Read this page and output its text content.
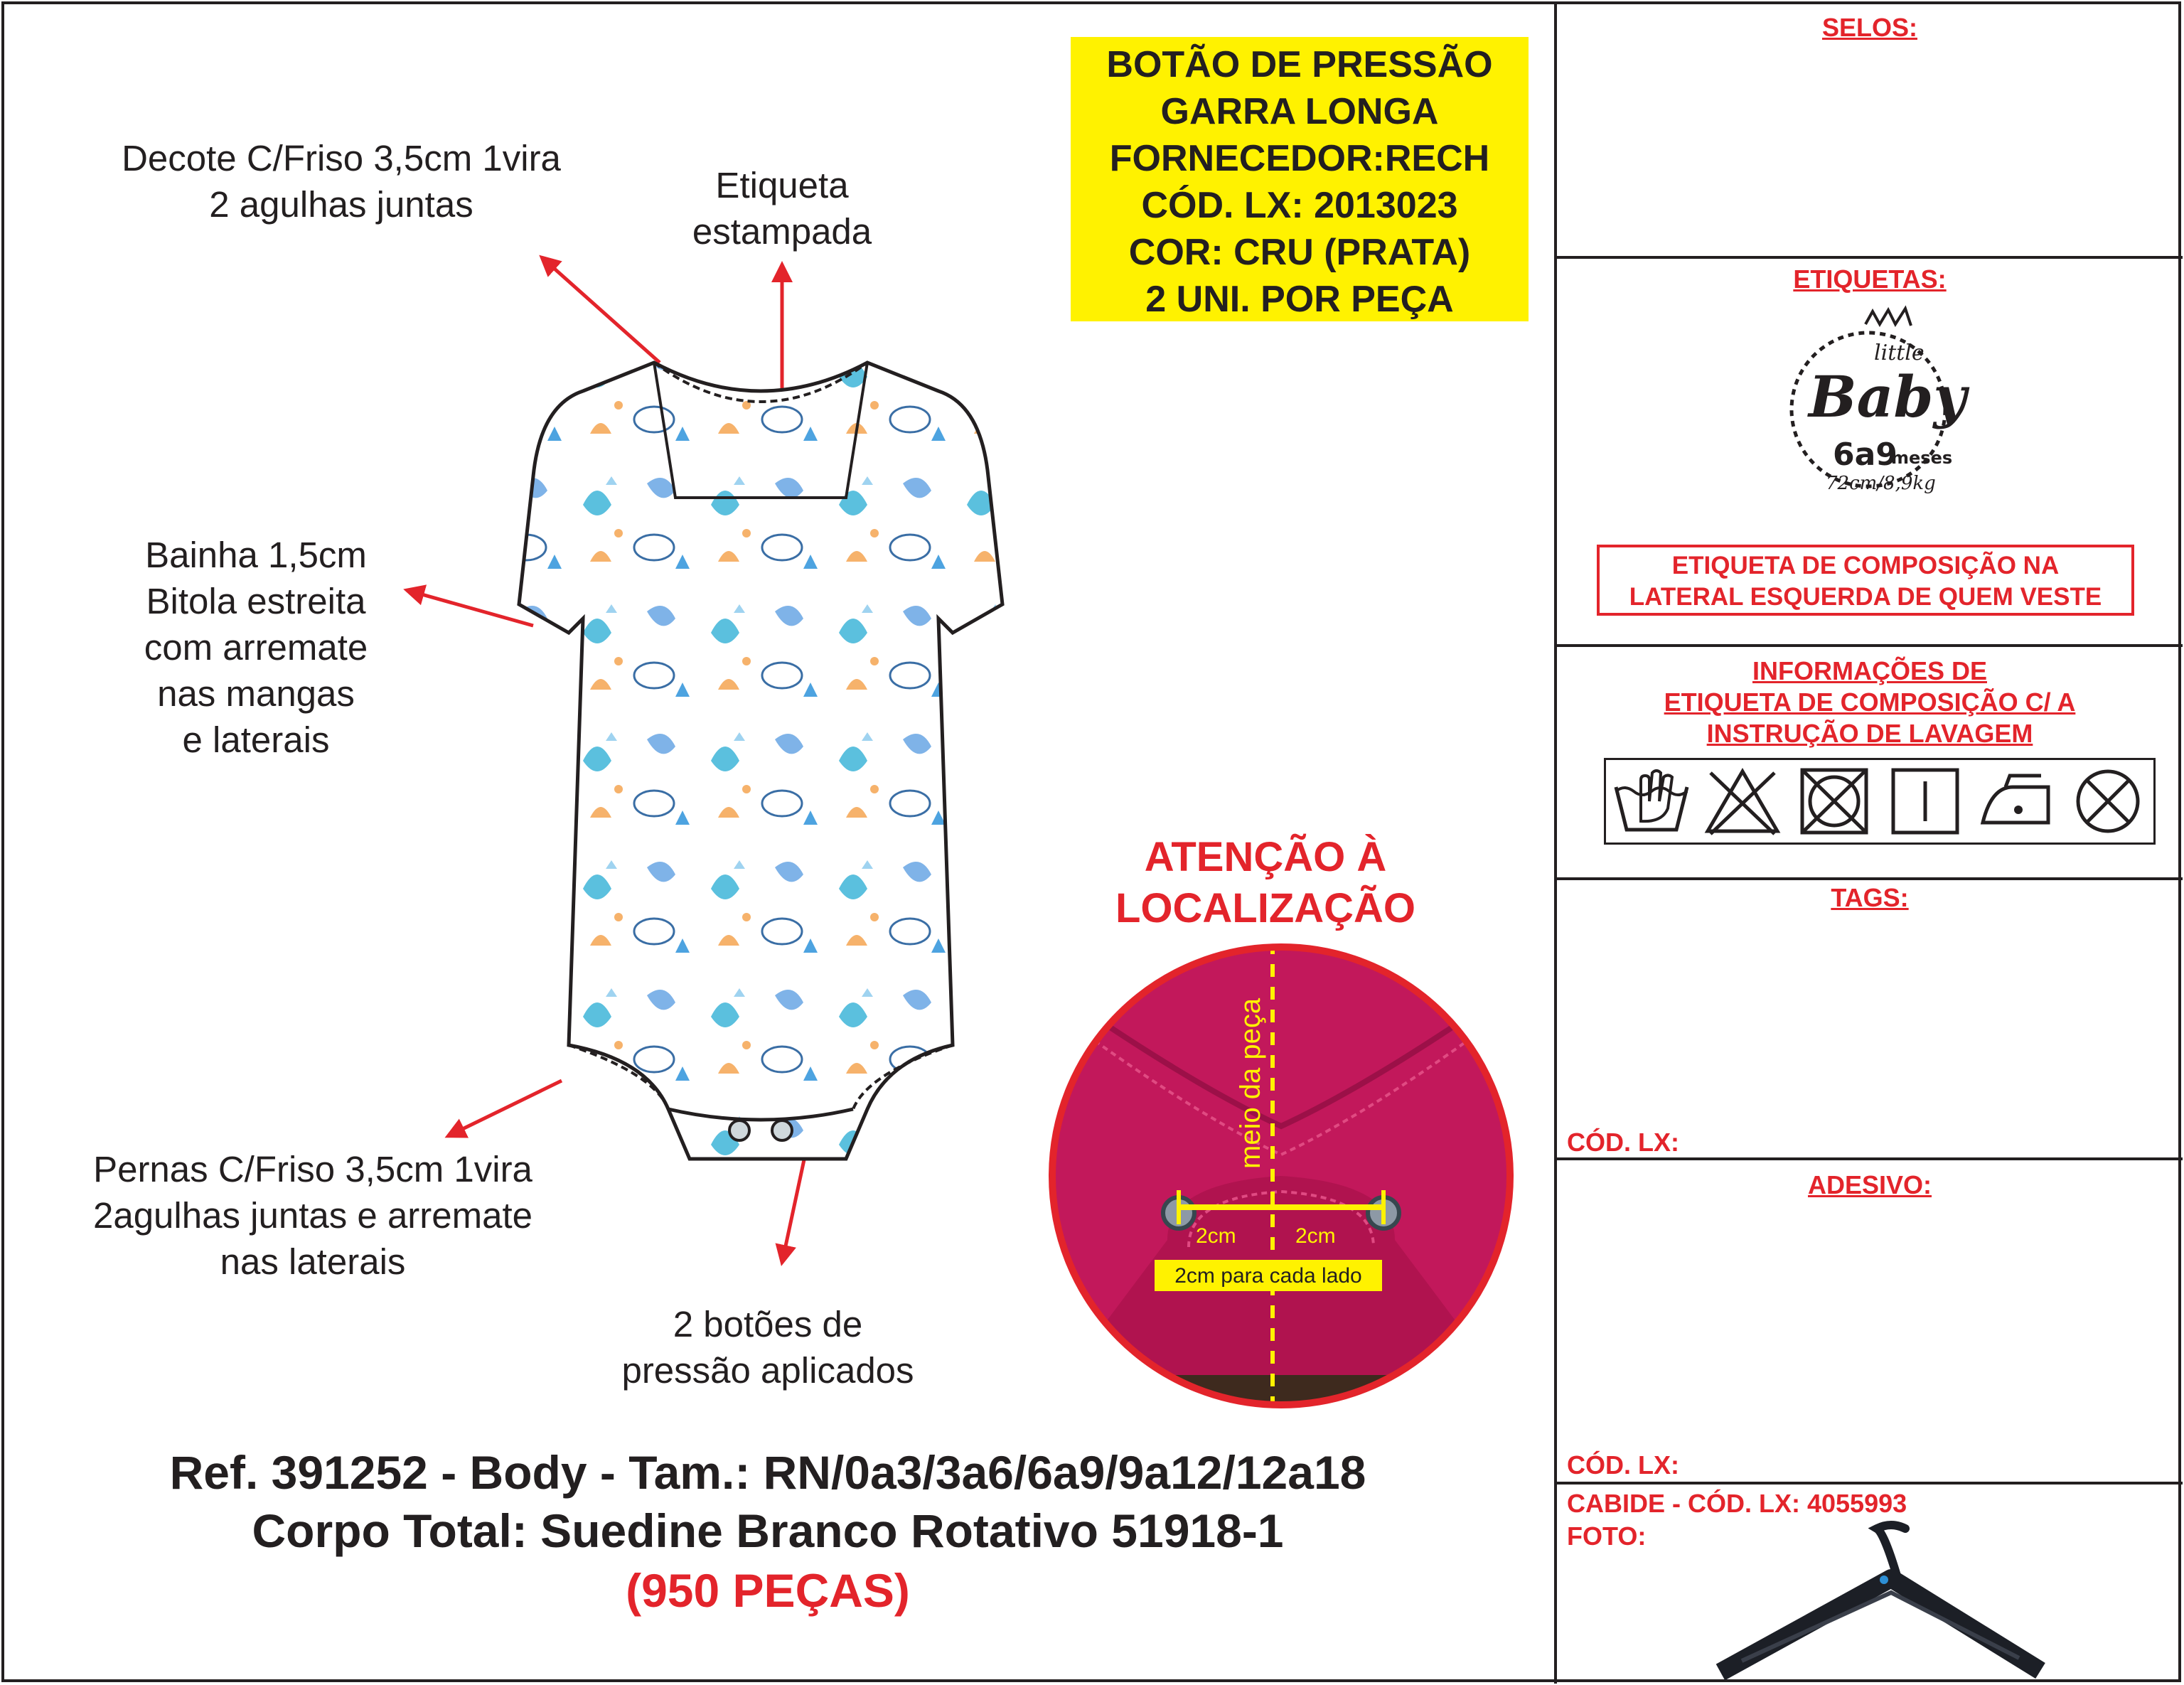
Decote C/Friso 3,5cm 1vira
2 agulhas juntas	Etiqueta
estampada
Bainha 1,5cm
Bitola estreita
com arremate
nas mangas
e laterais
Pernas C/Friso 3,5cm 1vira
2agulhas juntas e arremate
nas laterais
2 botões de
pressão aplicados
BOTÃO DE PRESSÃO
GARRA LONGA
FORNECEDOR:RECH
CÓD. LX: 2013023
COR: CRU (PRATA)
2 UNI. POR PEÇA
ATENÇÃO À
LOCALIZAÇÃO
meio da peça
2cm	2cm
2cm para cada lado
Ref. 391252 - Body - Tam.: RN/0a3/3a6/6a9/9a12/12a18
Corpo Total: Suedine Branco Rotativo 51918-1
(950 PEÇAS)
SELOS:
ETIQUETAS:
little
Baby
6a9
meses
72cm/8,9kg
ETIQUETA DE COMPOSIÇÃO NA
LATERAL ESQUERDA DE QUEM VESTE
INFORMAÇÕES DE
ETIQUETA DE COMPOSIÇÃO C/ A
INSTRUÇÃO DE LAVAGEM
TAGS:
CÓD. LX:
ADESIVO:
CÓD. LX:
CABIDE - CÓD. LX: 4055993
FOTO:
